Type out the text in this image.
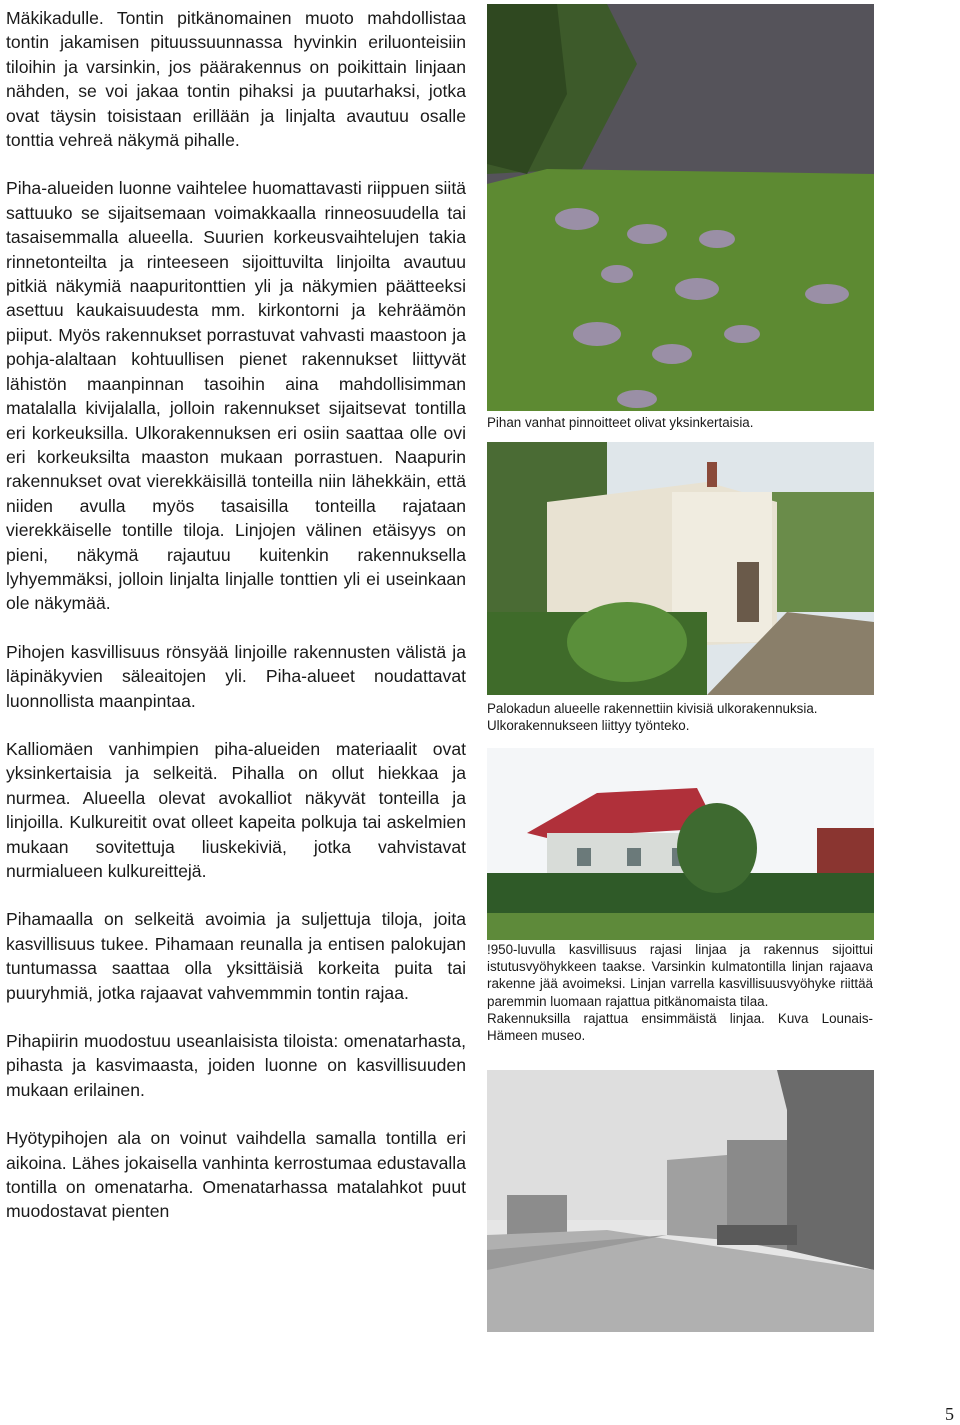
Mäkikadulle. Tontin pitkänomainen muoto mahdollistaa tontin jakamisen pituussuunnassa hyvinkin eriluonteisiin tiloihin ja varsinkin, jos päärakennus on poikittain linjaan nähden, se voi jakaa tontin pihaksi ja puutarhaksi, jotka ovat täysin toisistaan erillään ja linjalta avautuu osalle tonttia vehreä näkymä pihalle.

Piha-alueiden luonne vaihtelee huomattavasti riippuen siitä sattuuko se sijaitsemaan voimakkaalla rinneosuudella tai tasaisemmalla alueella. Suurien korkeusvaihtelujen takia rinnetonteilta ja rinteeseen sijoittuvilta linjoilta avautuu pitkiä näkymiä naapuritonttien yli ja näkymien päätteeksi asettuu kaukaisuudesta mm. kirkontorni ja kehräämön piiput. Myös rakennukset porrastuvat vahvasti maastoon ja pohja-alaltaan kohtuullisen pienet rakennukset liittyvät lähistön maanpinnan tasoihin aina mahdollisimman matalalla kivijalalla, jolloin rakennukset sijaitsevat tontilla eri korkeuksilla. Ulkorakennuksen eri osiin saattaa olle ovi eri korkeuksilta maaston mukaan porrastuen. Naapurin rakennukset ovat vierekkäisillä tonteilla niin lähekkäin, että niiden avulla myös tasaisilla tonteilla rajataan vierekkäiselle tontille tiloja. Linjojen välinen etäisyys on pieni, näkymä rajautuu kuitenkin rakennuksella lyhyemmäksi, jolloin linjalta linjalle tonttien yli ei useinkaan ole näkymää.

Pihojen kasvillisuus rönsyää linjoille rakennusten välistä ja läpinäkyvien säleaitojen yli. Piha-alueet noudattavat luonnollista maanpintaa.

Kalliomäen vanhimpien piha-alueiden materiaalit ovat yksinkertaisia ja selkeitä. Pihalla on ollut hiekkaa ja nurmea. Alueella olevat avokalliot näkyvät tonteilla ja linjoilla. Kulkureitit ovat olleet kapeita polkuja tai askelmien mukaan sovitettuja liuskekiviä, jotka vahvistavat nurmialueen kulkureittejä.

Pihamaalla on selkeitä avoimia ja suljettuja tiloja, joita kasvillisuus tukee. Pihamaan reunalla ja entisen palokujan tuntumassa saattaa olla yksittäisiä korkeita puita tai puuryhmiä, jotka rajaavat vahvemmmin tontin rajaa.

Pihapiirin muodostuu useanlaisista tiloista: omenatarhasta, pihasta ja kasvimaasta, joiden luonne on kasvillisuuden mukaan erilainen.

Hyötypihojen ala on voinut vaihdella samalla tontilla eri aikoina. Lähes jokaisella vanhinta kerrostumaa edustavalla tontilla on omenatarha. Omenatarhassa matalahkot puut muodostavat pienten

Pihan vanhat pinnoitteet olivat yksinkertaisia.

Palokadun alueelle rakennettiin kivisiä ulkorakennuksia.

Ulkorakennukseen liittyy työnteko.

!950-luvulla kasvillisuus rajasi linjaa ja rakennus sijoittui istutusvyöhykkeen taakse. Varsinkin kulmatontilla linjan rajaava rakenne jää avoimeksi. Linjan varrella kasvillisuusvyöhyke riittää paremmin luomaan rajattua pitkänomaista tilaa.

Rakennuksilla rajattua ensimmäistä linjaa. Kuva Lounais-Hämeen museo.

5
